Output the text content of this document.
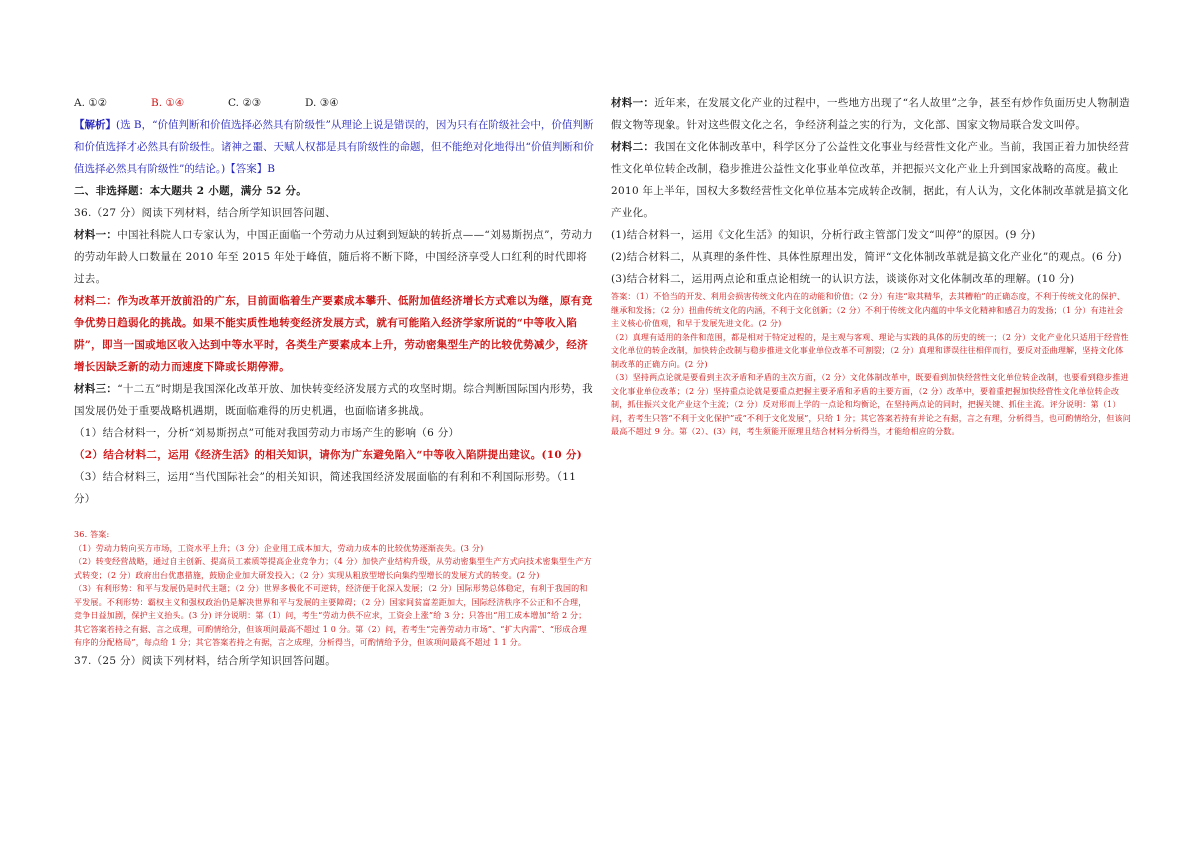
A. ①②	B. ①④	C. ②③	D. ③④

【解析】(选 B，“价值判断和价值选择必然具有阶级性”从理论上说是错误的，因为只有在阶级社会中，价值判断和价值选择才必然具有阶级性。诸神之噩、天赋人权都是具有阶级性的命题，但不能绝对化地得出“价值判断和价值选择必然具有阶级性”的结论。)【答案】B

二、非选择题：本大题共 2 小题，满分 52 分。

36.（27 分）阅读下列材料，结合所学知识回答问题、

材料一：中国社科院人口专家认为，中国正面临一个劳动力从过剩到短缺的转折点——“刘易斯拐点”，劳动力的劳动年龄人口数量在 2010 年至 2015 年处于峰值，随后将不断下降，中国经济享受人口红利的时代即将过去。

材料二：作为改革开放前沿的广东，目前面临着生产要素成本攀升、低附加值经济增长方式难以为继，原有竞争优势日趋弱化的挑战。如果不能实质性地转变经济发展方式，就有可能陷入经济学家所说的“中等收入陷阱”，即当一国或地区收入达到中等水平时，各类生产要素成本上升，劳动密集型生产的比较优势减少，经济增长因缺乏新的动力而速度下降或长期停滞。

材料三：“十二五”时期是我国深化改革开放、加快转变经济发展方式的攻坚时期。综合判断国际国内形势，我国发展仍处于重要战略机遇期，既面临难得的历史机遇，也面临诸多挑战。

（1）结合材料一，分析“刘易斯拐点”可能对我国劳动力市场产生的影响（6 分）

（2）结合材料二，运用《经济生活》的相关知识，请你为广东避免陷入“中等收入陷阱提出建议。(10 分)

（3）结合材料三，运用“当代国际社会”的相关知识，简述我国经济发展面临的有利和不利国际形势。（11 分）

36. 答案:

（1）劳动力转向买方市场，工资水平上升；（3 分）企业用工成本加大，劳动力成本的比较优势逐渐丧失。(3 分)

（2）转变经营战略，通过自主创新、提高员工素质等提高企业竞争力；（4 分）加快产业结构升级，从劳动密集型生产方式向技术密集型生产方式转变；（2 分）政府出台优惠措施，鼓励企业加大研发投入；（2 分）实现从粗放型增长向集约型增长的发展方式的转变。(2 分)

（3）有利形势：和平与发展仍是时代主题；（2 分）世界多极化不可逆转，经济便于化深入发展；（2 分）国际形势总体稳定，有利于我国的和平发展。不利形势：霸权主义和强权政治仍是解决世界和平与发展的主要障碍；（2 分）国家间贫富差距加大，国际经济秩序不公正和不合理，竞争日益加剧，保护主义抬头。(3 分) 评分说明：第（1）问，考生“劳动力供不应求，工资会上涨”给 3 分；只答出“用工成本增加”给 2 分；其它答案若持之有据、言之成理，可酌情给分，但该项问最高不超过 1 0 分。第（2）问，若考生“完善劳动力市场”、“扩大内需”、“形成合理有序的分配格局”，每点给 1 分；其它答案若持之有据，言之成理，分析得当，可酌情给予分，但该项问最高不超过 1 1 分。

37.（25 分）阅读下列材料，结合所学知识回答问题。

材料一：近年来，在发展文化产业的过程中，一些地方出现了“名人故里”之争，甚至有炒作负面历史人物制造假文物等现象。针对这些假文化之名，争经济利益之实的行为，文化部、国家文物局联合发文叫停。

材料二：我国在文化体制改革中，科学区分了公益性文化事业与经营性文化产业。当前，我国正着力加快经营性文化单位转企改制，稳步推进公益性文化事业单位改革，并把振兴文化产业上升到国家战略的高度。截止 2010 年上半年，国权大多数经营性文化单位基本完成转企改制，据此，有人认为，文化体制改革就是搞文化产业化。

(1)结合材料一，运用《文化生活》的知识，分析行政主管部门发文“叫停”的原因。(9 分)

(2)结合材料二，从真理的条件性、具体性原理出发，简评“文化体制改革就是搞文化产业化”的观点。(6 分)

(3)结合材料二，运用两点论和重点论相统一的认识方法，谈谈你对文化体制改革的理解。(10 分)

答案：（1）不恰当的开发、利用会损害传统文化内在的动能和价值；（2 分）有违“取其精华，去其糟粕”的正确态度，不利于传统文化的保护、继承和发扬；（2 分）扭曲传统文化的内涵，不利于文化创新；（2 分）不利于传统文化内蕴的中华文化精神和感召力的发扬；（1 分）有违社会主义核心价值观，和早于发展先进文化。(2 分)

（2）真理有适用的条件和范围，都是相对于特定过程的，是主观与客观、理论与实践的具体的历史的统一；（2 分）文化产业化只适用于经营性文化单位的转企改制，加快转企改制与稳步推进文化事业单位改革不可割裂；（2 分）真理和谬误往往相伴而行，要反对歪曲理解，坚持文化体制改革的正确方向。(2 分)

（3）坚持两点论就是要看到主次矛盾和矛盾的主次方面，（2 分）文化体制改革中，既要看到加快经营性文化单位转企改制，也要看到稳步推进文化事业单位改革；（2 分）坚持重点论就是要重点把握主要矛盾和矛盾的主要方面，（2 分）改革中，要着重把握加快经营性文化单位转企改制，抓住振兴文化产业这个主流；（2 分）反对形而上学的一点论和均衡论，在坚持两点论的同时，把握关键、抓住主流。评分说明：第（1）问，若考生只答“不利于文化保护”或“不利于文化发展”，只给 1 分；其它答案若持有并论之有据，言之有理，分析得当，也可酌情给分，但该问最高不超过 9 分。第（2）、(3）问，考生须能开原理且结合材料分析得当，才能给相应的分数。
